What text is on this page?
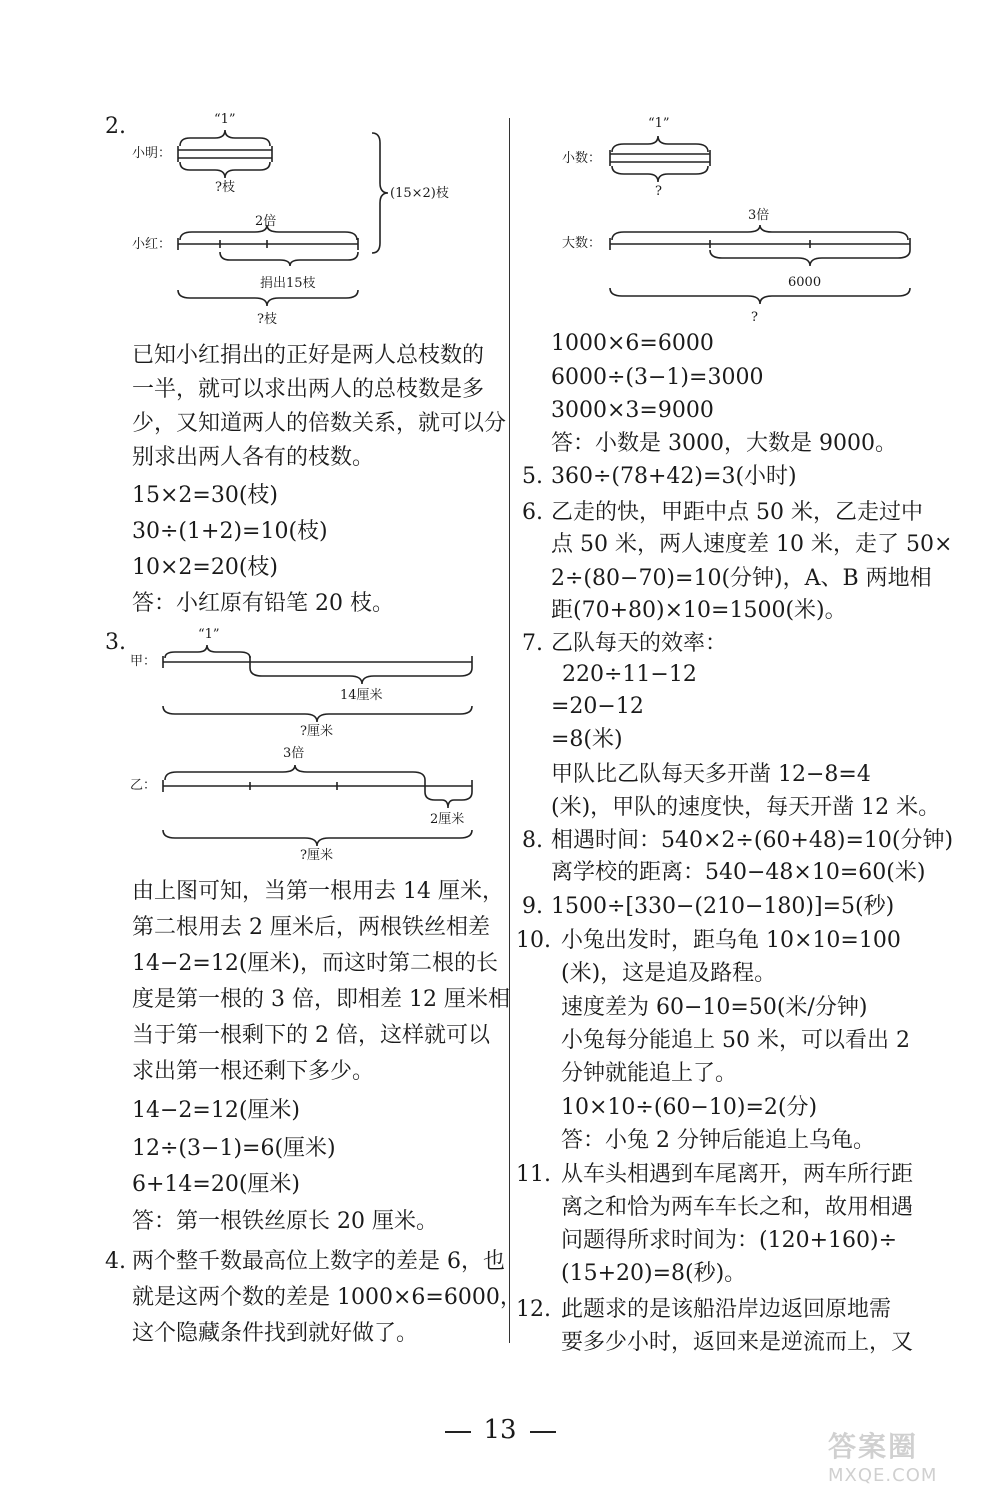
2.	“1”
小明：
?枝	(15×2)枝
2倍
小红：
捐出15枝
?枝
已知小红捐出的正好是两人总枝数的
一半，就可以求出两人的总枝数是多
少，又知道两人的倍数关系，就可以分
别求出两人各有的枝数。
15×2=30(枝)
30÷(1+2)=10(枝)
10×2=20(枝)
答：小红原有铅笔 20 枝。
3.	“1”
甲：
14厘米
?厘米
3倍
乙：
2厘米
?厘米
由上图可知，当第一根用去 14 厘米，
第二根用去 2 厘米后，两根铁丝相差
14−2=12(厘米)，而这时第二根的长
度是第一根的 3 倍，即相差 12 厘米相
当于第一根剩下的 2 倍，这样就可以
求出第一根还剩下多少。
14−2=12(厘米)
12÷(3−1)=6(厘米)
6+14=20(厘米)
答：第一根铁丝原长 20 厘米。
4. 两个整千数最高位上数字的差是 6，也
就是这两个数的差是 1000×6=6000，
这个隐藏条件找到就好做了。
“1”
小数：
?
3倍
大数：
6000
?
1000×6=6000
6000÷(3−1)=3000
3000×3=9000
答：小数是 3000，大数是 9000。
5. 360÷(78+42)=3(小时)
6. 乙走的快，甲距中点 50 米，乙走过中
点 50 米，两人速度差 10 米，走了 50×
2÷(80−70)=10(分钟)，A、B 两地相
距(70+80)×10=1500(米)。
7. 乙队每天的效率：
220÷11−12
=20−12
=8(米)
甲队比乙队每天多开凿 12−8=4
(米)，甲队的速度快，每天开凿 12 米。
8. 相遇时间：540×2÷(60+48)=10(分钟)
离学校的距离：540−48×10=60(米)
9. 1500÷[330−(210−180)]=5(秒)
10. 小兔出发时，距乌龟 10×10=100
(米)，这是追及路程。
速度差为 60−10=50(米/分钟)
小兔每分能追上 50 米，可以看出 2
分钟就能追上了。
10×10÷(60−10)=2(分)
答：小兔 2 分钟后能追上乌龟。
11. 从车头相遇到车尾离开，两车所行距
离之和恰为两车车长之和，故用相遇
问题得所求时间为：(120+160)÷
(15+20)=8(秒)。
12. 此题求的是该船沿岸边返回原地需
要多少小时，返回来是逆流而上，又
13	答案圈
MXQE.COM
